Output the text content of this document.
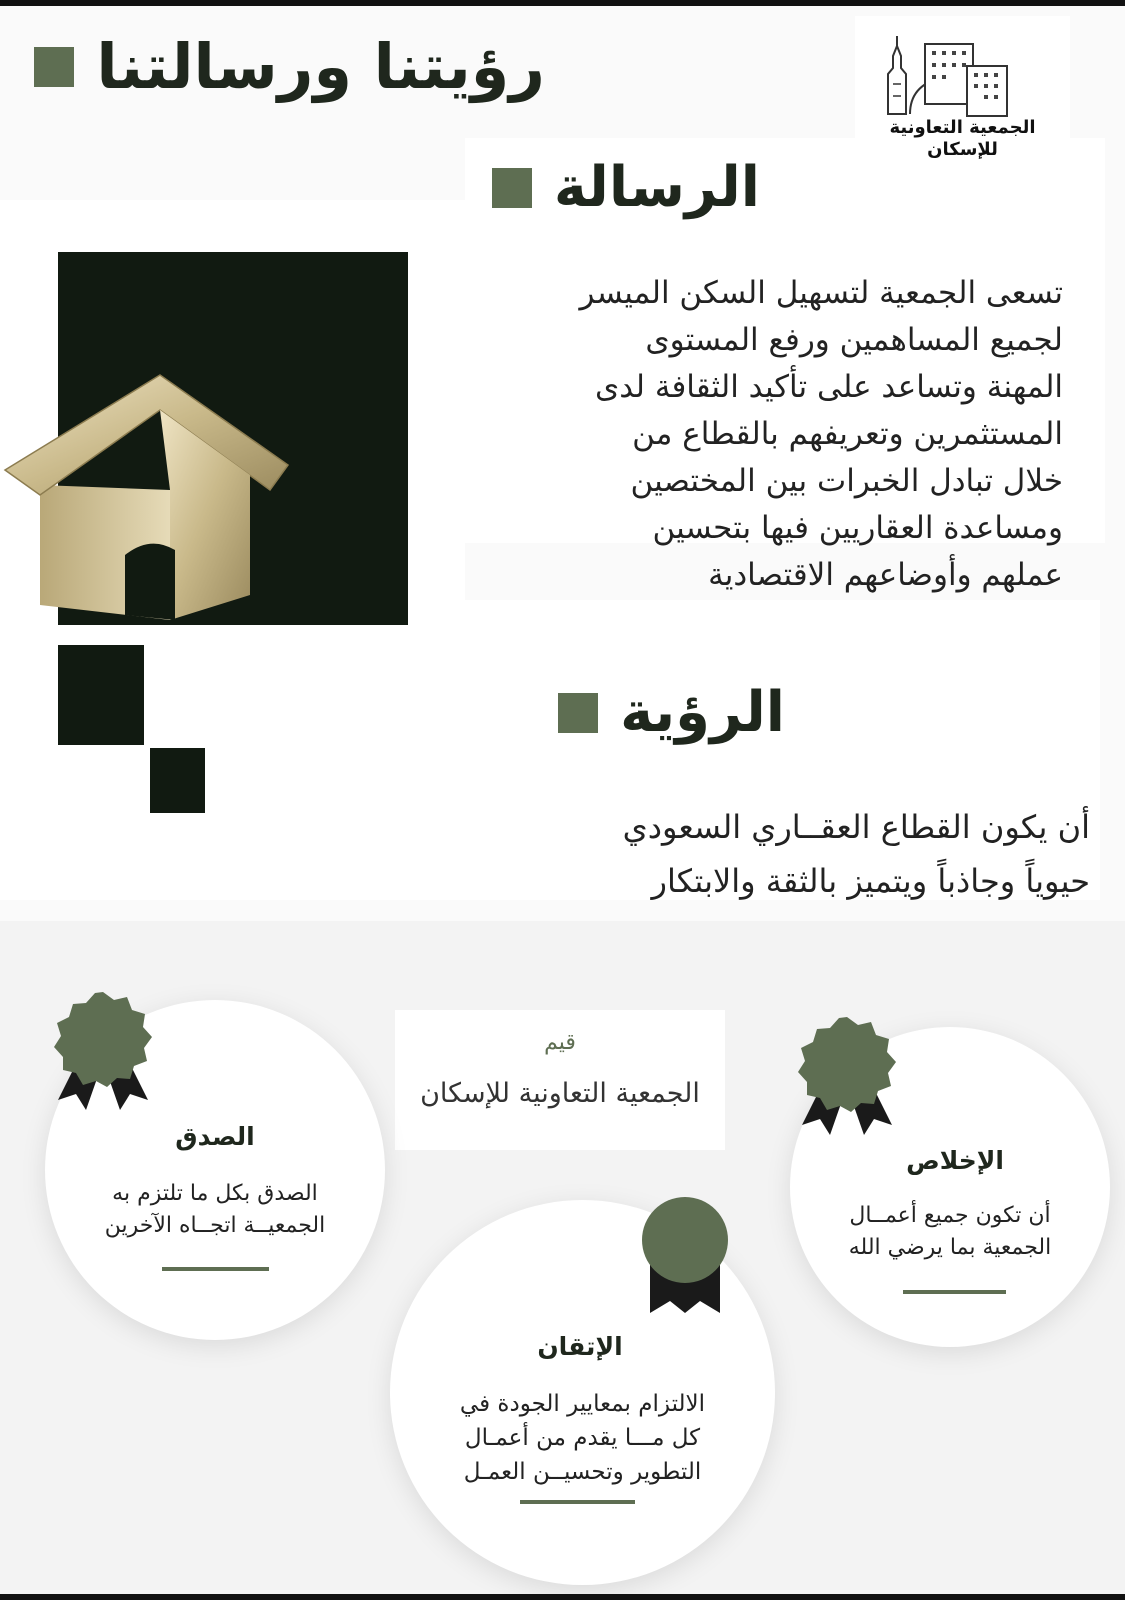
الجمعية التعاونية
للإسكان
رؤيتنا ورسالتنا
الرسالة
تسعى الجمعية لتسهيل السكن الميسر
لجميع المساهمين ورفع المستوى
المهنة وتساعد على تأكيد الثقافة لدى
المستثمرين وتعريفهم بالقطاع من
خلال تبادل الخبرات بين المختصين
ومساعدة العقاريين فيها بتحسين
عملهم وأوضاعهم الاقتصادية
الرؤية
أن يكون القطاع العقــاري السعودي
حيوياً وجاذباً ويتميز بالثقة والابتكار
قيم
الجمعية التعاونية للإسكان
الصدق
الصدق بكل ما تلتزم به
الجمعيــة اتجــاه الآخرين
الإخلاص
أن تكون جميع أعمــال
الجمعية بما يرضي الله
الإتقان
الالتزام بمعايير الجودة في
كل مـــا يقدم من أعمـال
التطوير وتحسيــن العمـل
